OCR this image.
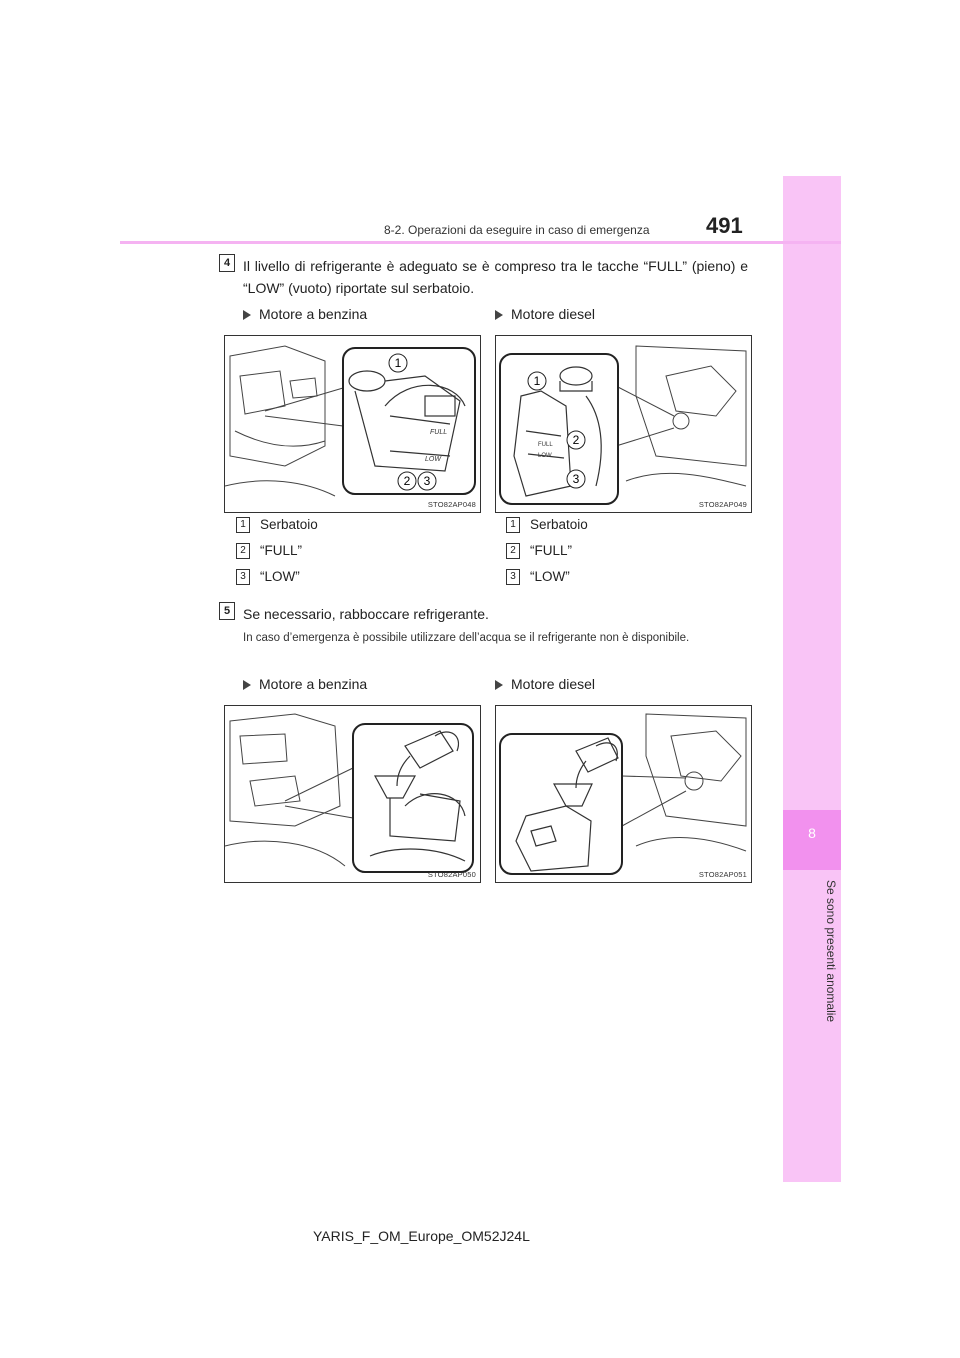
8
Se sono presenti anomalie
8-2. Operazioni da eseguire in caso di emergenza	491
4 Il livello di refrigerante è adeguato se è compreso tra le tacche “FULL” (pieno) e “LOW” (vuoto) riportate sul serbatoio.
Motore a benzina	Motore diesel
FULL
LOW
1
2 3
STO82AP048
FULL
LOW
1
2
3
STO82AP049
1 Serbatoio
2 “FULL”
3 “LOW”
1 Serbatoio
2 “FULL”
3 “LOW”
5 Se necessario, rabboccare refrigerante.
In caso d’emergenza è possibile utilizzare dell’acqua se il refrigerante non è disponibile.
Motore a benzina	Motore diesel
STO82AP050	STO82AP051
YARIS_F_OM_Europe_OM52J24L
